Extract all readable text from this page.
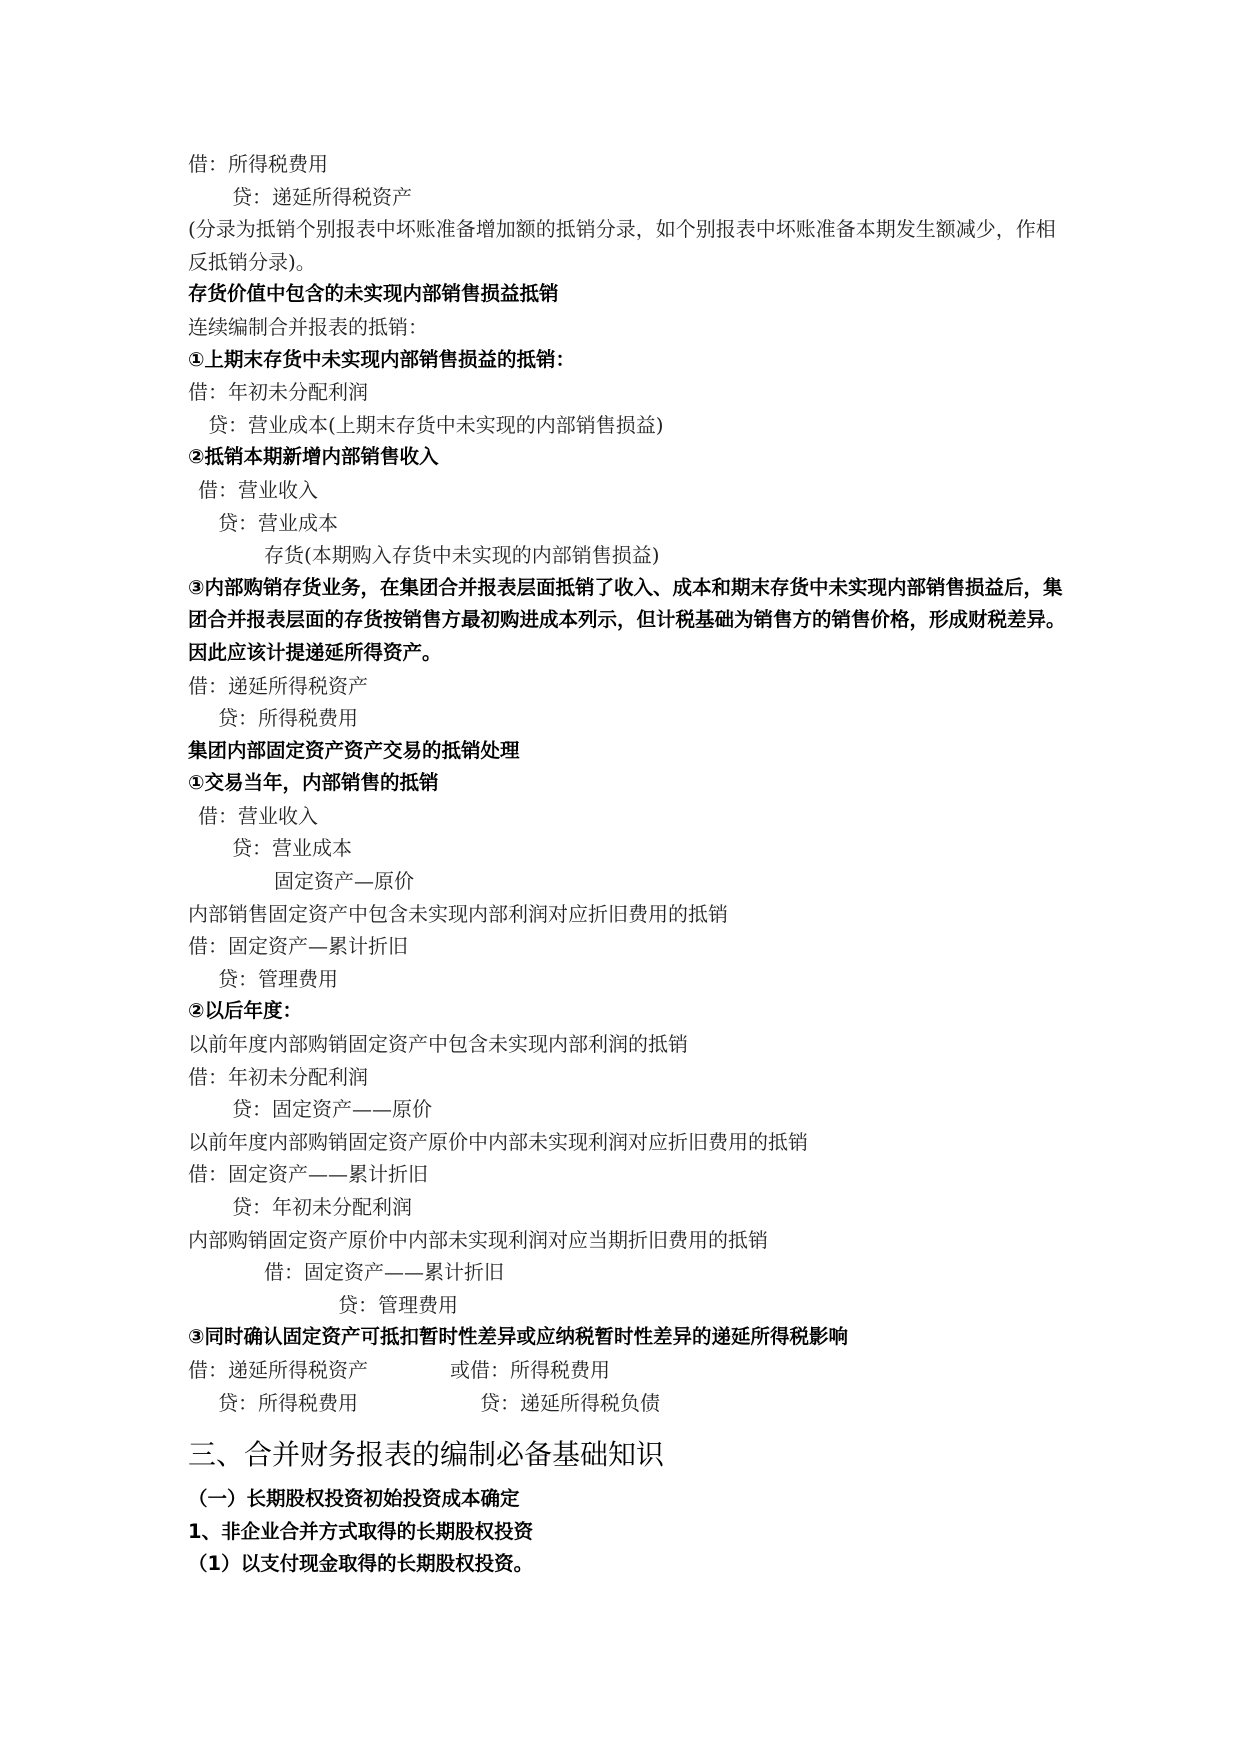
借：所得税费用
贷：递延所得税资产
(分录为抵销个别报表中坏账准备增加额的抵销分录，如个别报表中坏账准备本期发生额减少，作相反抵销分录)。
存货价值中包含的未实现内部销售损益抵销
连续编制合并报表的抵销：
①上期末存货中未实现内部销售损益的抵销：
借：年初未分配利润
贷：营业成本(上期末存货中未实现的内部销售损益)
②抵销本期新增内部销售收入
借：营业收入
贷：营业成本
存货(本期购入存货中未实现的内部销售损益)
③内部购销存货业务，在集团合并报表层面抵销了收入、成本和期末存货中未实现内部销售损益后，集团合并报表层面的存货按销售方最初购进成本列示，但计税基础为销售方的销售价格，形成财税差异。因此应该计提递延所得资产。
借：递延所得税资产
贷：所得税费用
集团内部固定资产资产交易的抵销处理
①交易当年，内部销售的抵销
借：营业收入
贷：营业成本
固定资产—原价
内部销售固定资产中包含未实现内部利润对应折旧费用的抵销
借：固定资产—累计折旧
贷：管理费用
②以后年度：
以前年度内部购销固定资产中包含未实现内部利润的抵销
借：年初未分配利润
贷：固定资产——原价
以前年度内部购销固定资产原价中内部未实现利润对应折旧费用的抵销
借：固定资产——累计折旧
贷：年初未分配利润
内部购销固定资产原价中内部未实现利润对应当期折旧费用的抵销
借：固定资产——累计折旧
贷：管理费用
③同时确认固定资产可抵扣暂时性差异或应纳税暂时性差异的递延所得税影响
借：递延所得税资产	或借：所得税费用
贷：所得税费用	贷：递延所得税负债
三、合并财务报表的编制必备基础知识
（一）长期股权投资初始投资成本确定
1、非企业合并方式取得的长期股权投资
（1）以支付现金取得的长期股权投资。
